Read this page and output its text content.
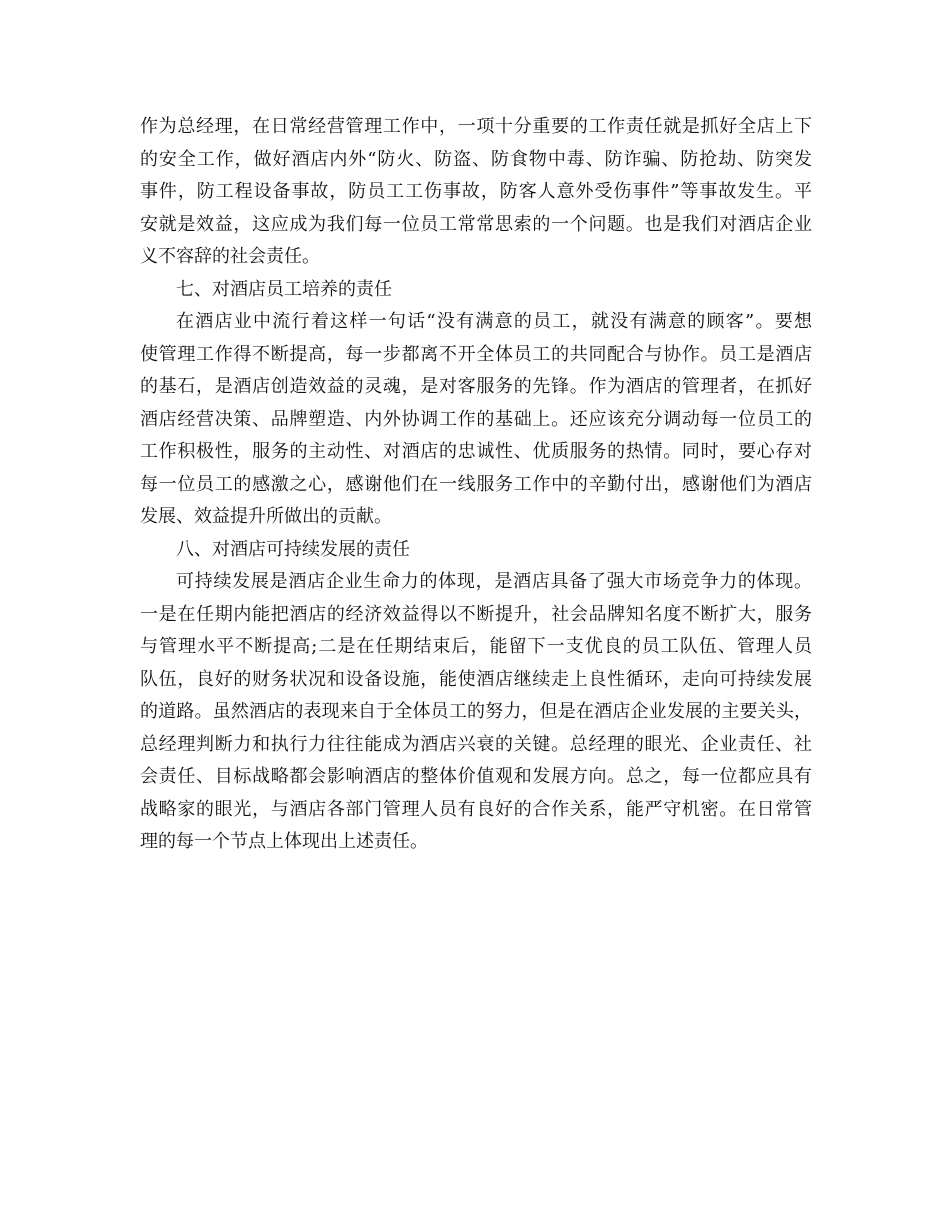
作为总经理，在日常经营管理工作中，一项十分重要的工作责任就是抓好全店上下
的安全工作，做好酒店内外“防火、防盗、防食物中毒、防诈骗、防抢劫、防突发
事件，防工程设备事故，防员工工伤事故，防客人意外受伤事件”等事故发生。平
安就是效益，这应成为我们每一位员工常常思索的一个问题。也是我们对酒店企业
义不容辞的社会责任。
七、对酒店员工培养的责任
在酒店业中流行着这样一句话“没有满意的员工，就没有满意的顾客”。要想
使管理工作得不断提高，每一步都离不开全体员工的共同配合与协作。员工是酒店
的基石，是酒店创造效益的灵魂，是对客服务的先锋。作为酒店的管理者，在抓好
酒店经营决策、品牌塑造、内外协调工作的基础上。还应该充分调动每一位员工的
工作积极性，服务的主动性、对酒店的忠诚性、优质服务的热情。同时，要心存对
每一位员工的感激之心，感谢他们在一线服务工作中的辛勤付出，感谢他们为酒店
发展、效益提升所做出的贡献。
八、对酒店可持续发展的责任
可持续发展是酒店企业生命力的体现，是酒店具备了强大市场竞争力的体现。
一是在任期内能把酒店的经济效益得以不断提升，社会品牌知名度不断扩大，服务
与管理水平不断提高;二是在任期结束后，能留下一支优良的员工队伍、管理人员
队伍，良好的财务状况和设备设施，能使酒店继续走上良性循环，走向可持续发展
的道路。虽然酒店的表现来自于全体员工的努力，但是在酒店企业发展的主要关头，
总经理判断力和执行力往往能成为酒店兴衰的关键。总经理的眼光、企业责任、社
会责任、目标战略都会影响酒店的整体价值观和发展方向。总之，每一位都应具有
战略家的眼光，与酒店各部门管理人员有良好的合作关系，能严守机密。在日常管
理的每一个节点上体现出上述责任。
